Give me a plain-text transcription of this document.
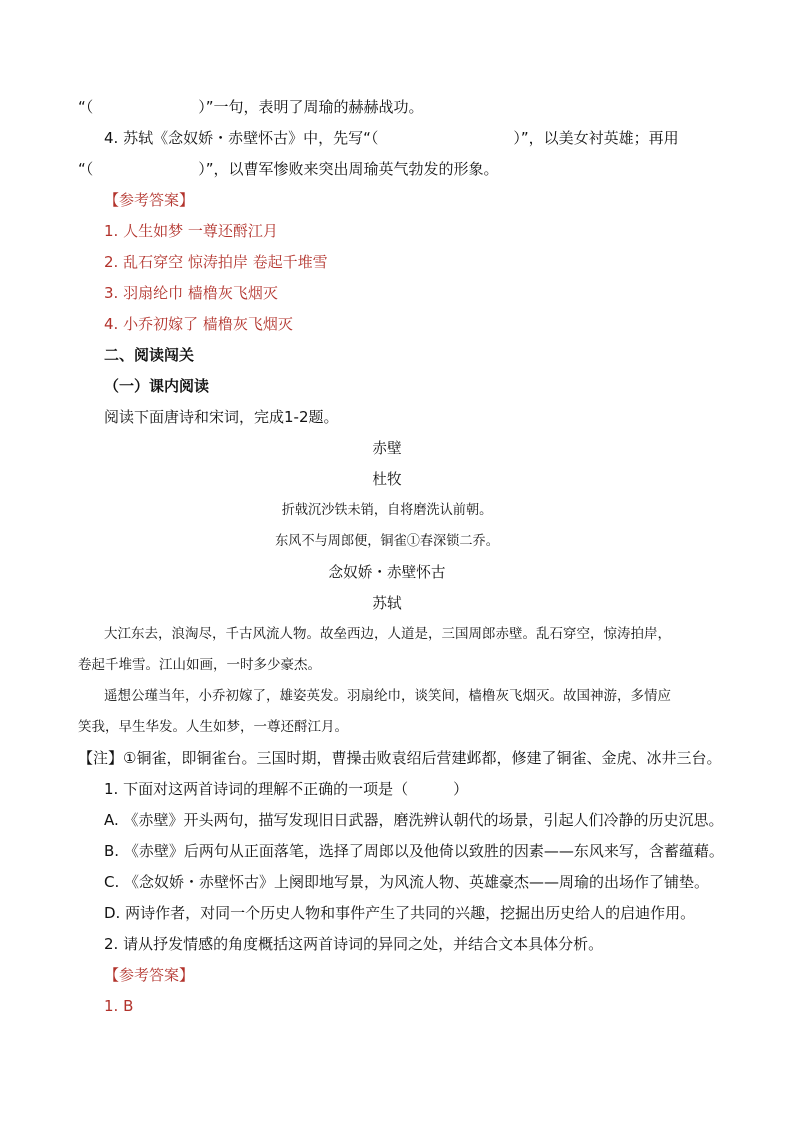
“（　　　　　　　）”一句，表明了周瑜的赫赫战功。
4. 苏轼《念奴娇・赤壁怀古》中，先写“（　　　　　　　　　）”，以美女衬英雄；再用
“（　　　　　　　）”，以曹军惨败来突出周瑜英气勃发的形象。
【参考答案】
1. 人生如梦 一尊还酹江月
2. 乱石穿空 惊涛拍岸 卷起千堆雪
3. 羽扇纶巾 樯橹灰飞烟灭
4. 小乔初嫁了 樯橹灰飞烟灭
二、阅读闯关
（一）课内阅读
阅读下面唐诗和宋词，完成1-2题。
赤壁
杜牧
折戟沉沙铁未销，自将磨洗认前朝。
东风不与周郎便，铜雀①春深锁二乔。
念奴娇・赤壁怀古
苏轼
大江东去，浪淘尽，千古风流人物。故垒西边，人道是，三国周郎赤壁。乱石穿空，惊涛拍岸，
卷起千堆雪。江山如画，一时多少豪杰。
遥想公瑾当年，小乔初嫁了，雄姿英发。羽扇纶巾，谈笑间，樯橹灰飞烟灭。故国神游，多情应
笑我，早生华发。人生如梦，一尊还酹江月。
【注】①铜雀，即铜雀台。三国时期，曹操击败袁绍后营建邺都，修建了铜雀、金虎、冰井三台。
1. 下面对这两首诗词的理解不正确的一项是（　　　）
A. 《赤壁》开头两句，描写发现旧日武器，磨洗辨认朝代的场景，引起人们冷静的历史沉思。
B. 《赤壁》后两句从正面落笔，选择了周郎以及他倚以致胜的因素——东风来写，含蓄蕴藉。
C. 《念奴娇・赤壁怀古》上阕即地写景，为风流人物、英雄豪杰——周瑜的出场作了铺垫。
D. 两诗作者，对同一个历史人物和事件产生了共同的兴趣，挖掘出历史给人的启迪作用。
2. 请从抒发情感的角度概括这两首诗词的异同之处，并结合文本具体分析。
【参考答案】
1. B
